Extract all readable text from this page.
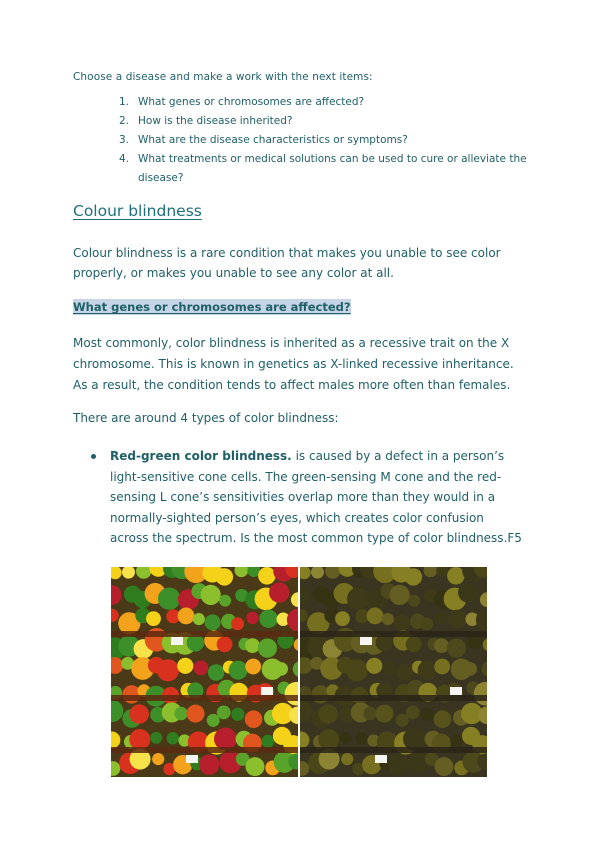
Choose a disease and make a work with the next items:
1. What genes or chromosomes are affected?
2. How is the disease inherited?
3. What are the disease characteristics or symptoms?
4. What treatments or medical solutions can be used to cure or alleviate the disease?
Colour blindness
Colour blindness is a rare condition that makes you unable to see color properly, or makes you unable to see any color at all.
What genes or chromosomes are affected?
Most commonly, color blindness is inherited as a recessive trait on the X chromosome. This is known in genetics as X-linked recessive inheritance. As a result, the condition tends to affect males more often than females.
There are around 4 types of color blindness:
Red-green color blindness. is caused by a defect in a person’s light-sensitive cone cells. The green-sensing M cone and the red-sensing L cone’s sensitivities overlap more than they would in a normally-sighted person’s eyes, which creates color confusion across the spectrum. Is the most common type of color blindness.F5
